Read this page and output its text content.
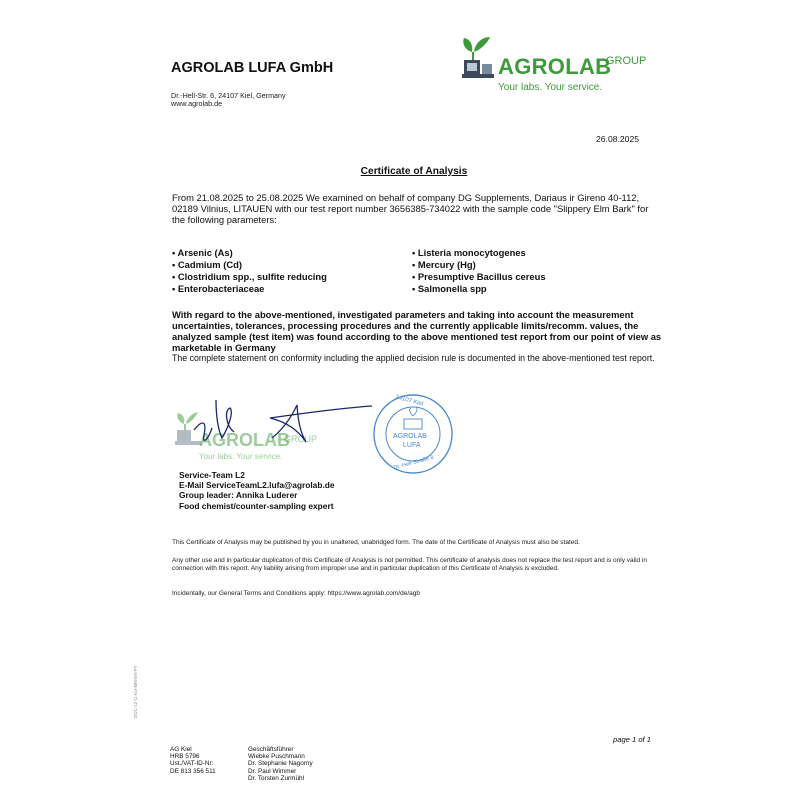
AGROLAB LUFA GmbH
Dr.-Hell-Str. 6, 24107 Kiel, Germany
www.agrolab.de
AGROLAB
GROUP
Your labs. Your service.
26.08.2025
Certificate of Analysis
From 21.08.2025 to 25.08.2025 We examined on behalf of company DG Supplements, Dariaus ir Gireno 40-112, 02189 Vilnius, LITAUEN with our test report number 3656385-734022 with the sample code "Slippery Elm Bark" for the following parameters:
• Arsenic (As)	• Listeria monocytogenes
• Cadmium (Cd)	• Mercury (Hg)
• Clostridium spp., sulfite reducing	• Presumptive Bacillus cereus
• Enterobacteriaceae	• Salmonella spp
With regard to the above-mentioned, investigated parameters and taking into account the measurement uncertainties, tolerances, processing procedures and the currently applicable limits/recomm. values, the analyzed sample (test item) was found according to the above mentioned test report from our point of view as marketable in Germany
The complete statement on conformity including the applied decision rule is documented in the above-mentioned test report.
AGROLAB
GROUP
Your labs. Your service.
24107 Kiel
AGROLAB
LUFA
Dr.-Hell-Straße 6
Service-Team L2
E-Mail ServiceTeamL2.lufa@agrolab.de
Group leader: Annika Luderer
Food chemist/counter-sampling expert
This Certificate of Analysis may be published by you in unaltered, unabridged form. The date of the Certificate of Analysis must also be stated.
Any other use and in particular duplication of this Certificate of Analysis is not permitted. This certificate of analysis does not replace the test report and is only valid in connection with this report. Any liability arising from improper use and in particular duplication of this Certificate of Analysis is excluded.
Incidentally, our General Terms and Conditions apply: https://www.agrolab.com/de/agb
DOC-12-(1-KU-MM-EN-PY
page 1 of 1
AG Kiel
HRB 5796
Ust./VAT-ID-Nr:
DE 813 356 511
Geschäftsführer
Wiebke Puschmann
Dr. Stephanie Nagorny
Dr. Paul Wimmer
Dr. Torsten Zurmühl
